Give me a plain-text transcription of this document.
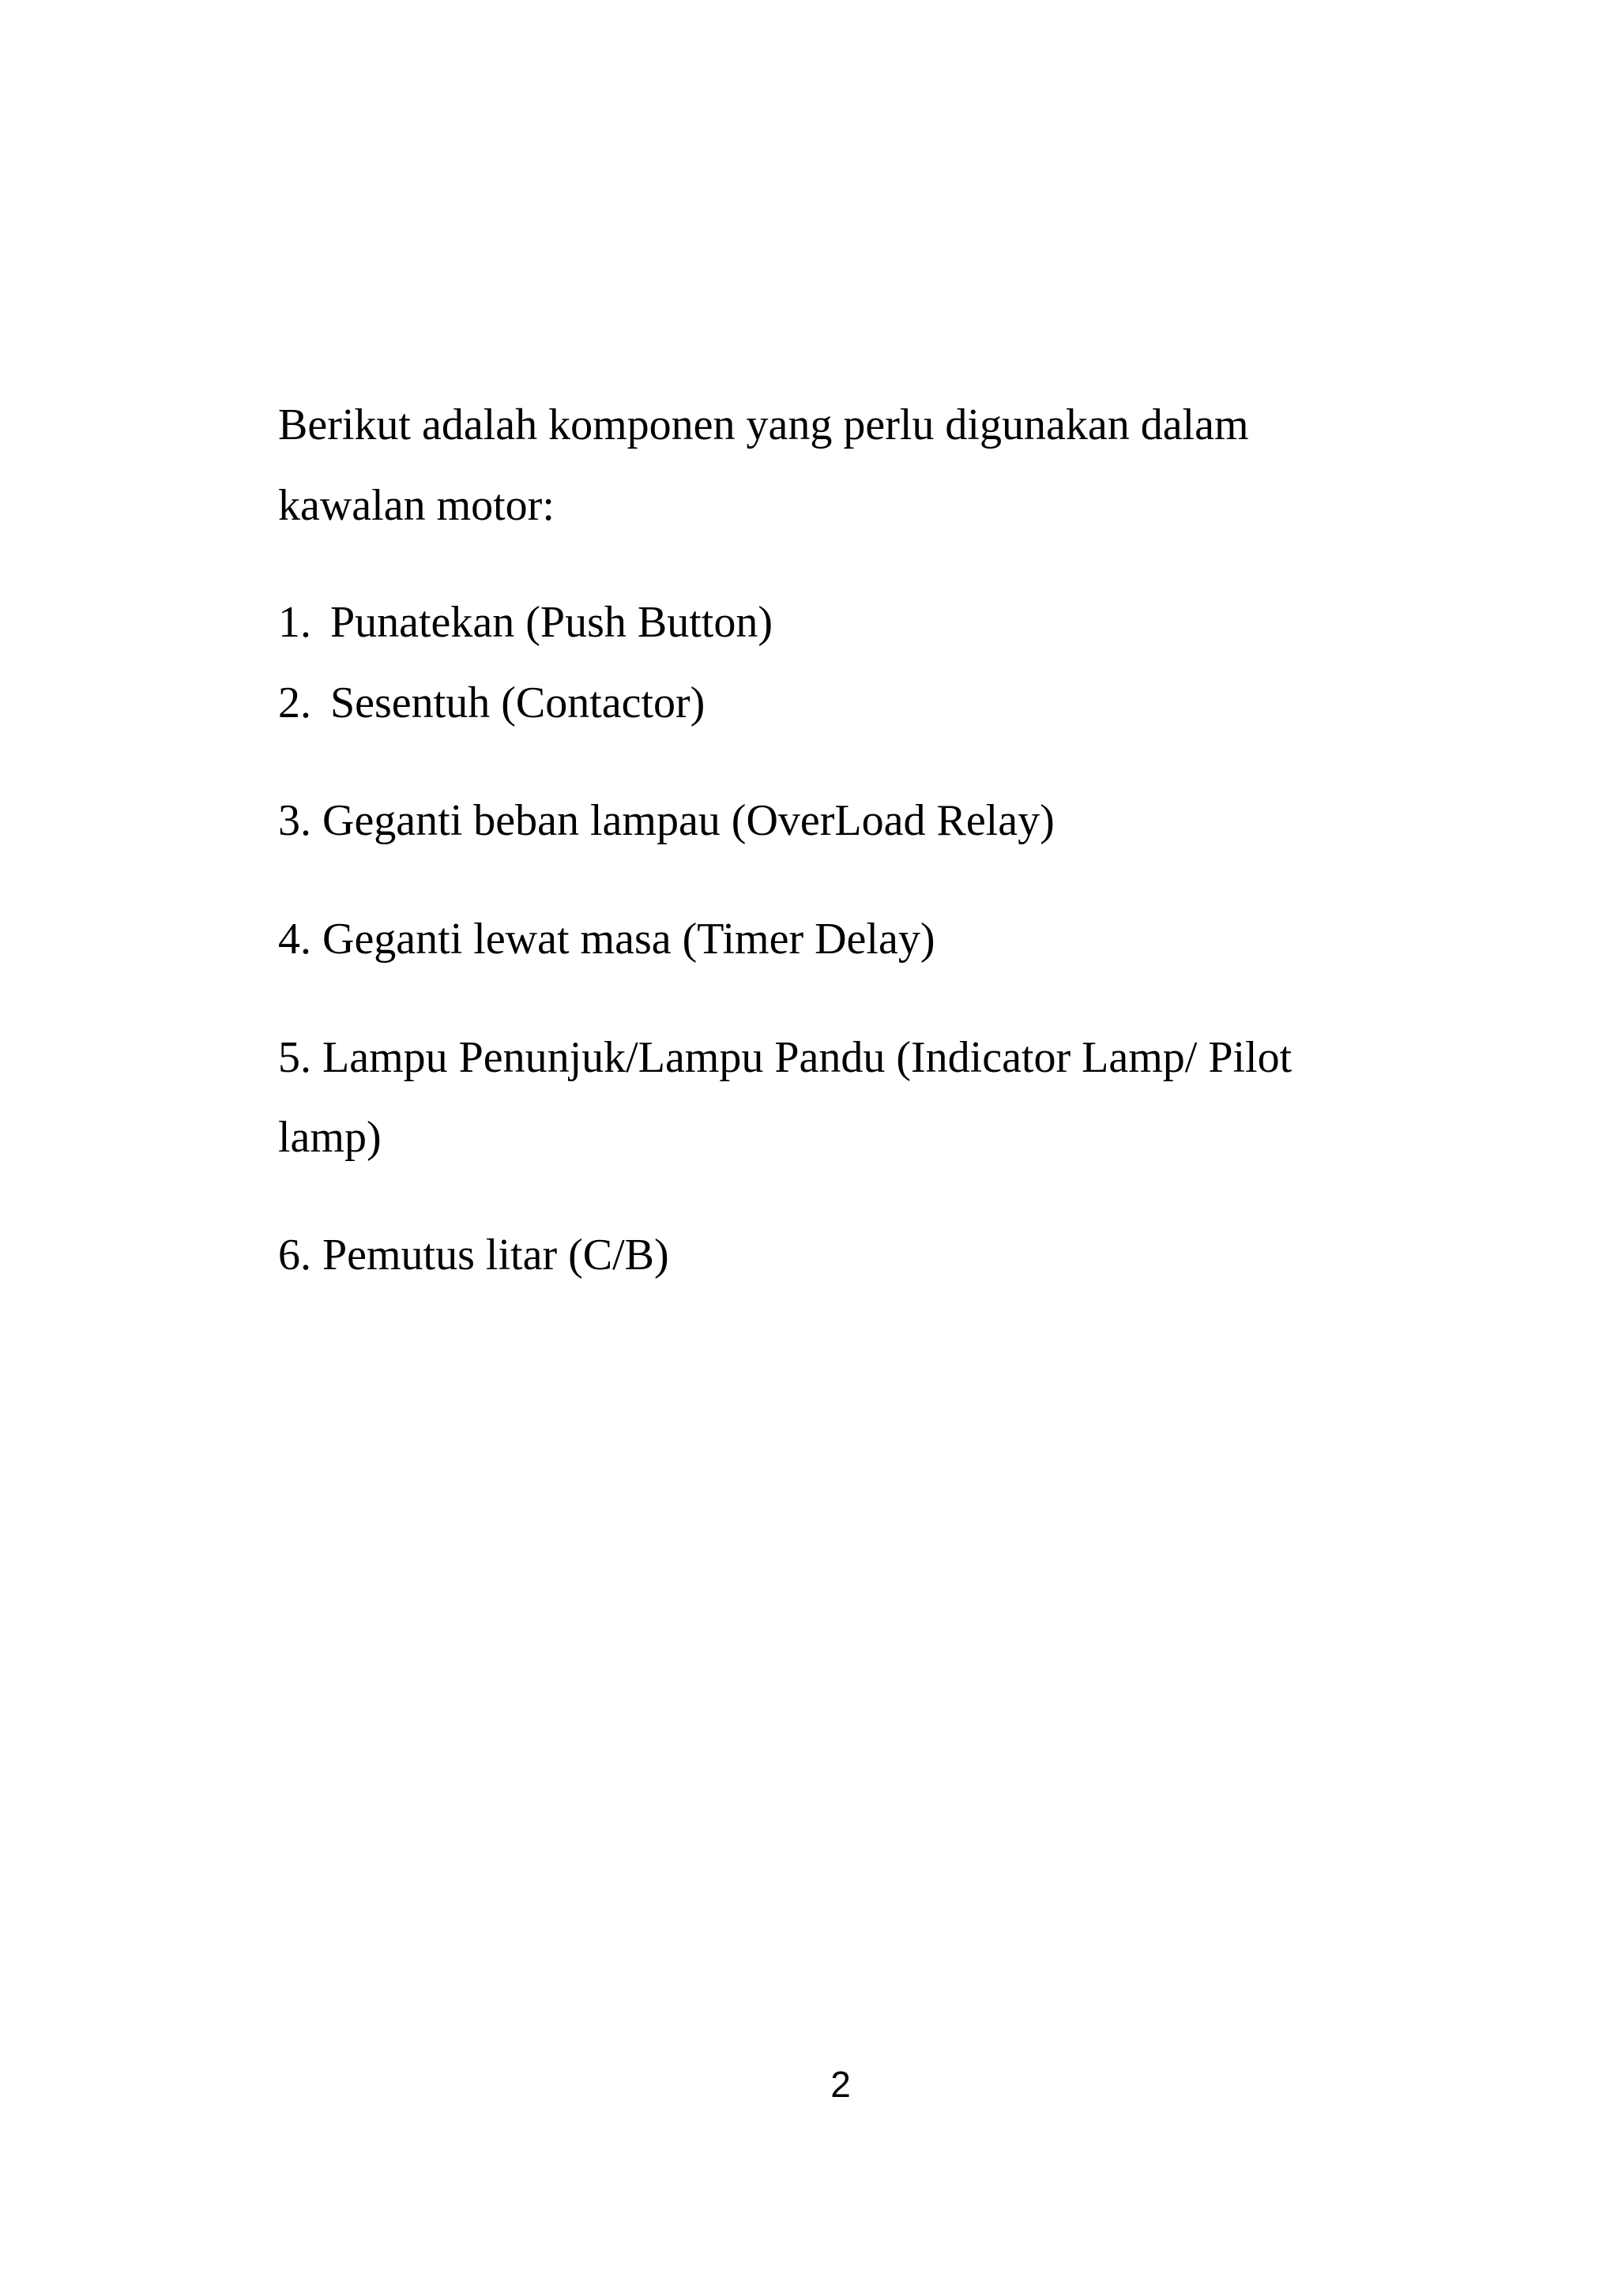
Berikut adalah komponen yang perlu digunakan dalam
kawalan motor:
1. Punatekan (Push Button)
2. Sesentuh (Contactor)
3. Geganti beban lampau (OverLoad Relay)
4. Geganti lewat masa (Timer Delay)
5. Lampu Penunjuk/Lampu Pandu (Indicator Lamp/ Pilot
lamp)
6. Pemutus litar (C/B)
2
